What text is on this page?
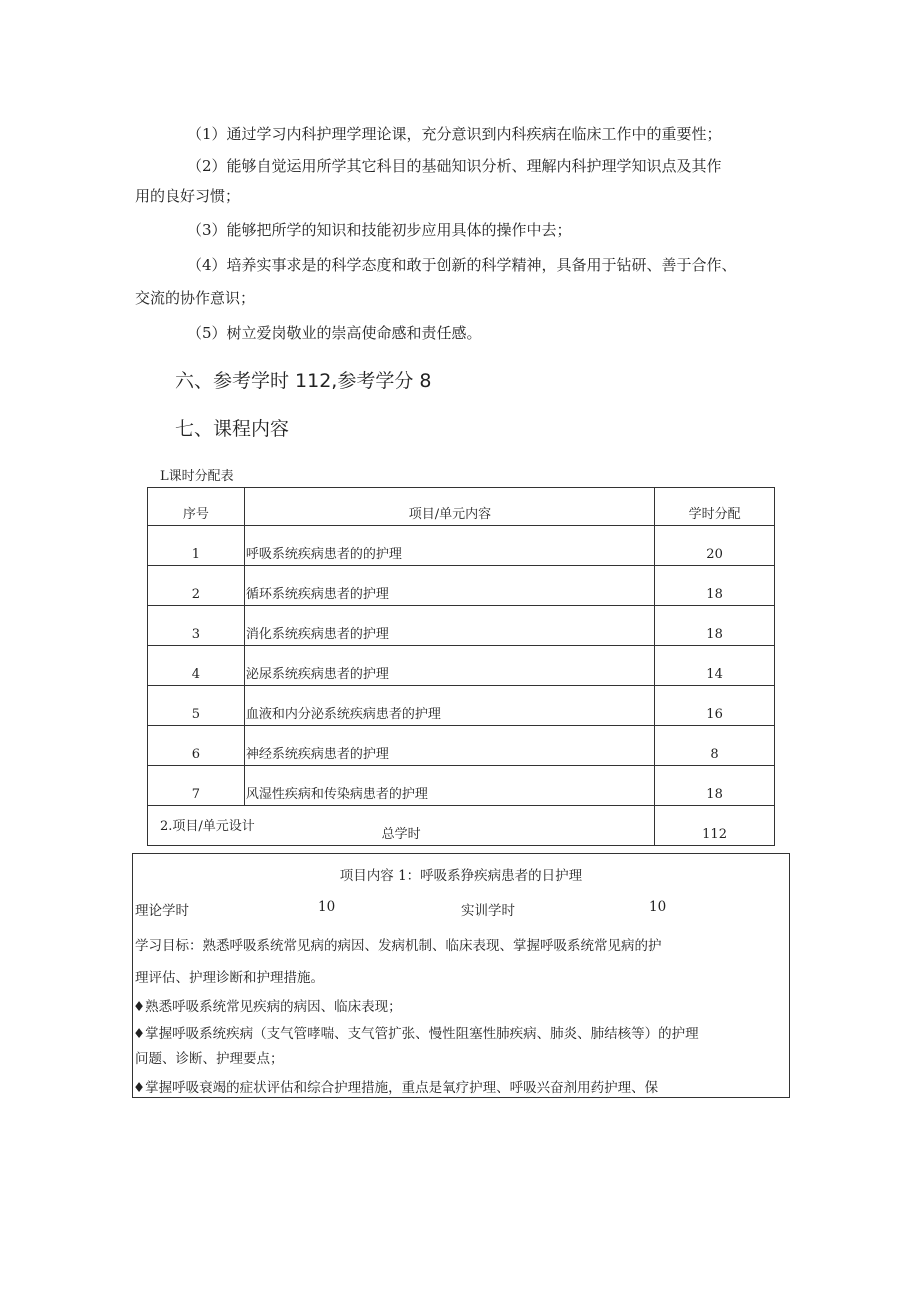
（1）通过学习内科护理学理论课，充分意识到内科疾病在临床工作中的重要性；
（2）能够自觉运用所学其它科目的基础知识分析、理解内科护理学知识点及其作
用的良好习惯；
（3）能够把所学的知识和技能初步应用具体的操作中去；
（4）培养实事求是的科学态度和敢于创新的科学精神，具备用于钻研、善于合作、
交流的协作意识；
（5）树立爱岗敬业的崇高使命感和责任感。
六、参考学时 112,参考学分 8
七、课程内容
L课时分配表
序号	项目/单元内容	学时分配
1	呼吸系统疾病患者的的护理	20
2	循环系统疾病患者的护理	18
3	消化系统疾病患者的护理	18
4	泌尿系统疾病患者的护理	14
5	血液和内分泌系统疾病患者的护理	16
6	神经系统疾病患者的护理	8
7	风湿性疾病和传染病患者的护理	18
总学时		112
2.项目/单元设计
项目内容 1：呼吸系狰疾病患者的日护理
理论学时	10	实训学时	10
学习目标：熟悉呼吸系统常见病的病因、发病机制、临床表现、掌握呼吸系统常见病的护
理评估、护理诊断和护理措施。
♦熟悉呼吸系统常见疾病的病因、临床表现；
♦掌握呼吸系统疾病（支气管哮喘、支气管扩张、慢性阻塞性肺疾病、肺炎、肺结核等）的护理
问题、诊断、护理要点；
♦掌握呼吸衰竭的症状评估和综合护理措施，重点是氧疗护理、呼吸兴奋剂用药护理、保
